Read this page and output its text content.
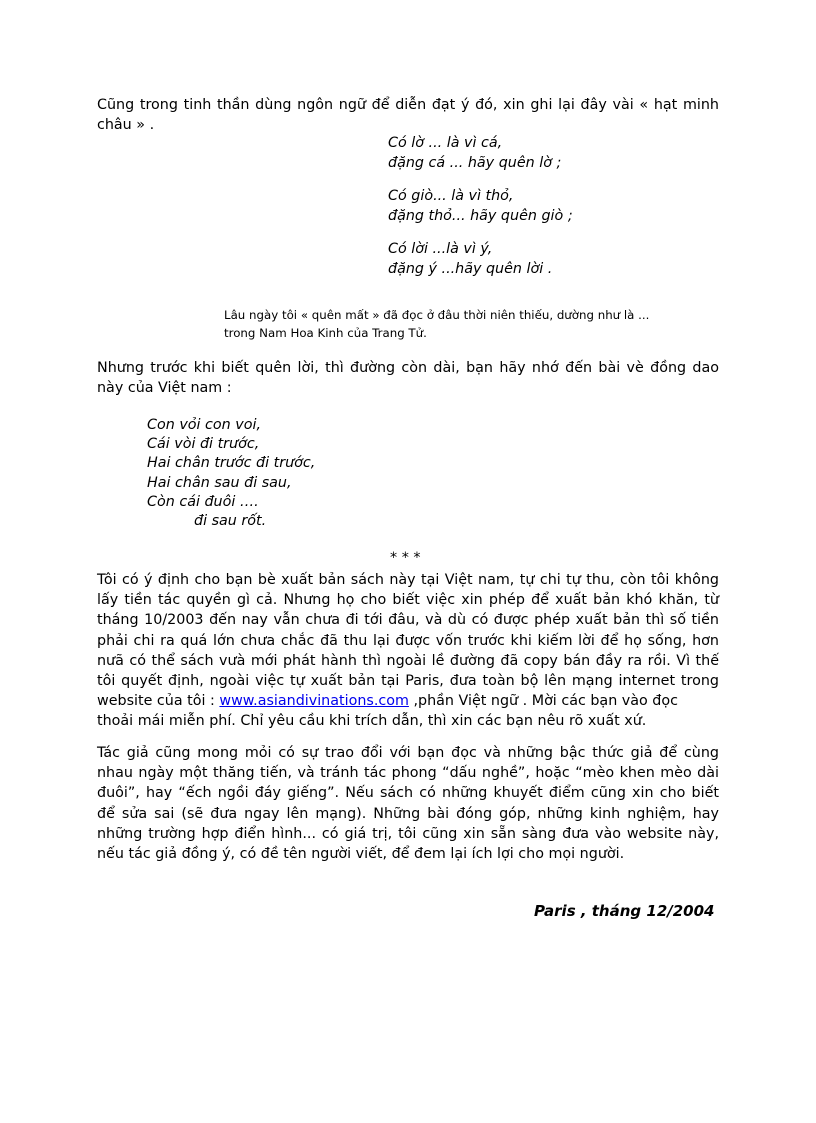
Cũng trong tinh thần dùng ngôn ngữ để diễn đạt ý đó, xin ghi lại đây vài « hạt minh
châu » .

Có lờ ... là vì cá,
đặng cá ... hãy quên lờ ;
Có giò... là vì thỏ,
đặng thỏ... hãy quên giò ;
Có lời ...là vì ý,
đặng ý ...hãy quên lời .
Lâu ngày tôi « quên mất » đã đọc ở đâu thời niên thiếu, dường như là ...
trong Nam Hoa Kinh của Trang Tử.

Nhưng trước khi biết quên lời, thì đường còn dài, bạn hãy nhớ đến bài vè đồng dao
này của Việt nam :

Con vỏi con voi,
Cái vòi đi trước,
Hai chân trước đi trước,
Hai chân sau đi sau,
Còn cái đuôi ….
đi sau rốt.
* * *

Tôi có ý định cho bạn bè xuất bản sách này tại Việt nam, tự chi tự thu, còn tôi không
lấy tiền tác quyền gì cả. Nhưng họ cho biết việc xin phép để xuất bản khó khăn, từ
tháng 10/2003 đến nay vẫn chưa đi tới đâu, và dù có được phép xuất bản thì số tiền
phải chi ra quá lớn chưa chắc đã thu lại được vốn trước khi kiếm lời để họ sống, hơn
nưã có thể sách vưà mới phát hành thì ngoài lề đường đã copy bán đầy ra rồi. Vì thế
tôi quyết định, ngoài việc tự xuất bản tại Paris, đưa toàn bộ lên mạng internet trong
website của tôi : www.asiandivinations.com ,phần Việt ngữ . Mời các bạn vào đọc
thoải mái miễn phí. Chỉ yêu cầu khi trích dẫn, thì xin các bạn nêu rõ xuất xứ.

Tác giả cũng mong mỏi có sự trao đổi với bạn đọc và những bậc thức giả để cùng
nhau ngày một thăng tiến, và tránh tác phong “dấu nghề”, hoặc “mèo khen mèo dài
đuôi”, hay “ếch ngồi đáy giếng”. Nếu sách có những khuyết điểm cũng xin cho biết
để sửa sai (sẽ đưa ngay lên mạng). Những bài đóng góp, những kinh nghiệm, hay
những trường hợp điển hình... có giá trị, tôi cũng xin sẵn sàng đưa vào website này,
nếu tác giả đồng ý, có đề tên người viết, để đem lại ích lợi cho mọi người.

Paris , tháng 12/2004
